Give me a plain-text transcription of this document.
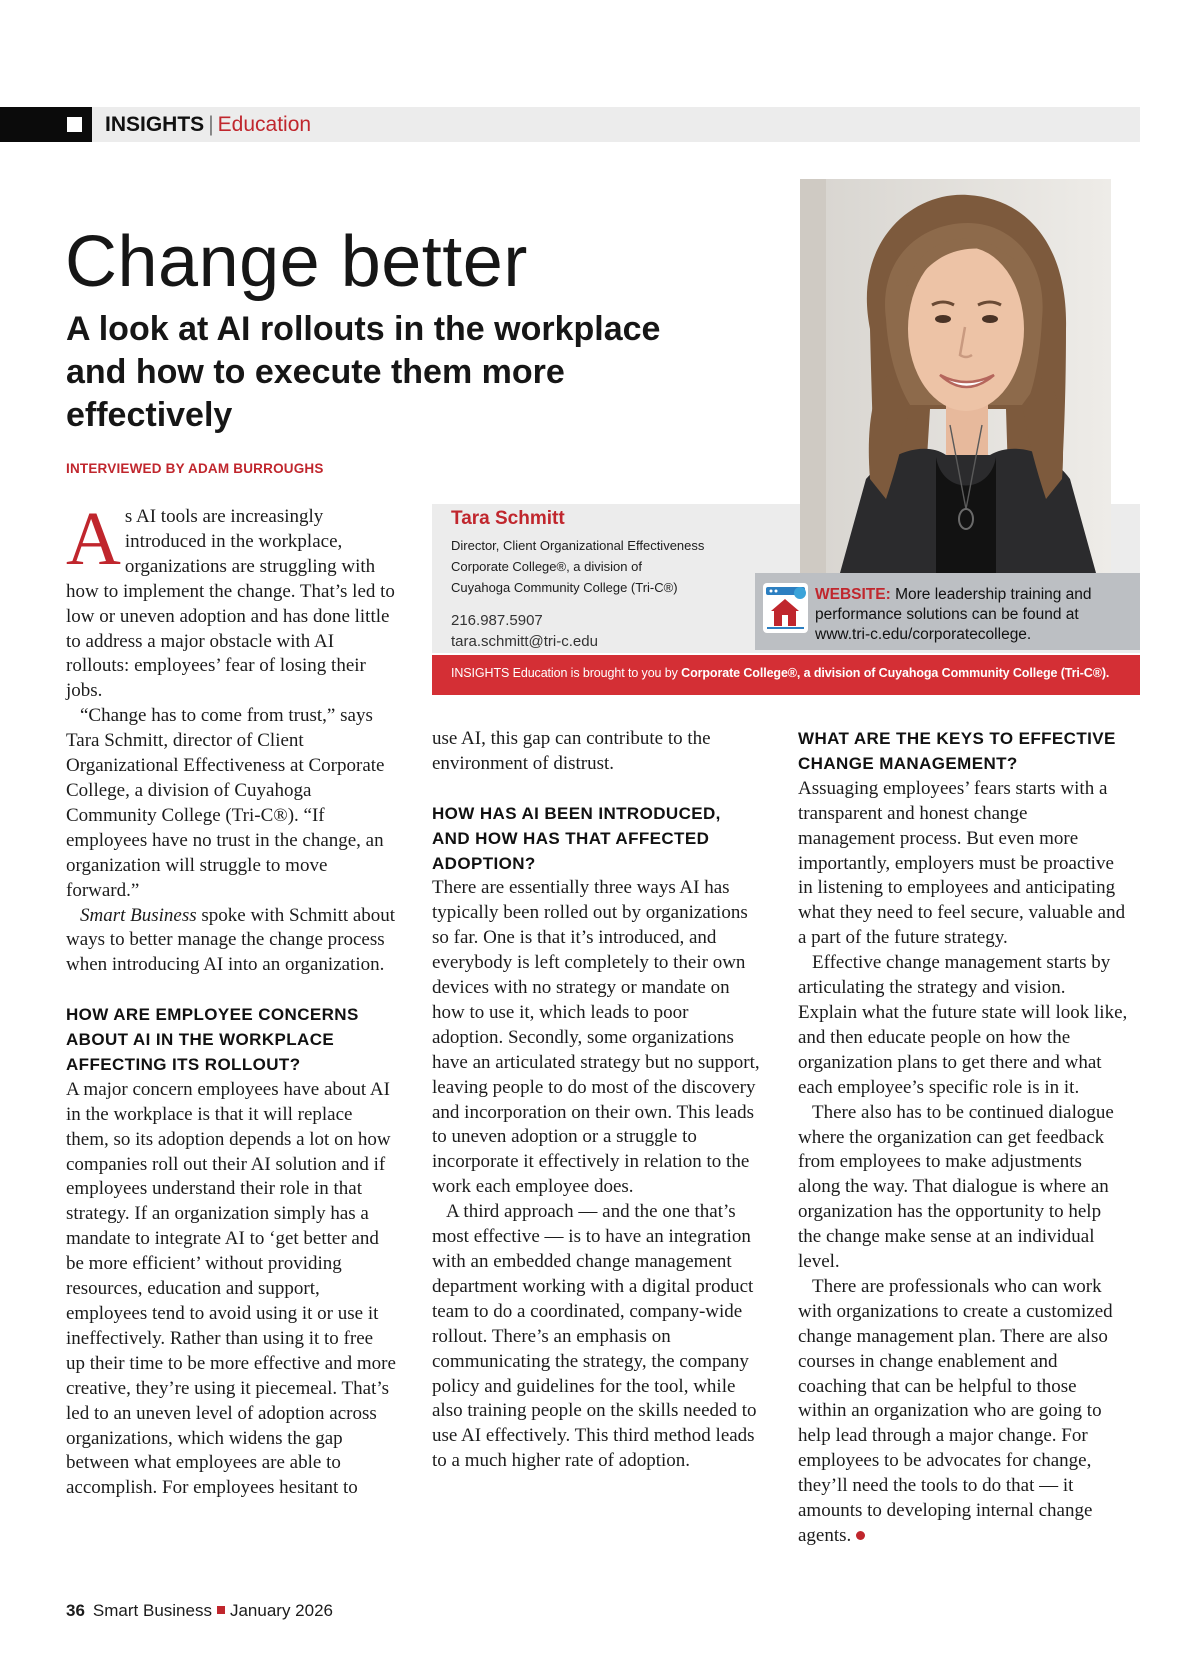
INSIGHTS | Education
Change better
A look at AI rollouts in the workplace and how to execute them more effectively
INTERVIEWED BY ADAM BURROUGHS
Tara Schmitt
Director, Client Organizational Effectiveness
Corporate College®, a division of
Cuyahoga Community College (Tri-C®)
216.987.5907
tara.schmitt@tri-c.edu
WEBSITE: More leadership training and performance solutions can be found at www.tri-c.edu/corporatecollege.
INSIGHTS Education is brought to you by Corporate College®, a division of Cuyahoga Community College (Tri-C®).

As AI tools are increasingly introduced in the workplace, organizations are struggling with how to implement the change. That’s led to low or uneven adoption and has done little to address a major obstacle with AI rollouts: employees’ fear of losing their jobs.

“Change has to come from trust,” says Tara Schmitt, director of Client Organizational Effectiveness at Corporate College, a division of Cuyahoga Community College (Tri-C®). “If employees have no trust in the change, an organization will struggle to move forward.”

Smart Business spoke with Schmitt about ways to better manage the change process when introducing AI into an organization.

HOW ARE EMPLOYEE CONCERNS ABOUT AI IN THE WORKPLACE AFFECTING ITS ROLLOUT?

A major concern employees have about AI in the workplace is that it will replace them, so its adoption depends a lot on how companies roll out their AI solution and if employees understand their role in that strategy. If an organization simply has a mandate to integrate AI to ‘get better and be more efficient’ without providing resources, education and support, employees tend to avoid using it or use it ineffectively. Rather than using it to free up their time to be more effective and more creative, they’re using it piecemeal. That’s led to an uneven level of adoption across organizations, which widens the gap between what employees are able to accomplish. For employees hesitant to

use AI, this gap can contribute to the environment of distrust.

HOW HAS AI BEEN INTRODUCED, AND HOW HAS THAT AFFECTED ADOPTION?

There are essentially three ways AI has typically been rolled out by organizations so far. One is that it’s introduced, and everybody is left completely to their own devices with no strategy or mandate on how to use it, which leads to poor adoption. Secondly, some organizations have an articulated strategy but no support, leaving people to do most of the discovery and incorporation on their own. This leads to uneven adoption or a struggle to incorporate it effectively in relation to the work each employee does.

A third approach — and the one that’s most effective — is to have an integration with an embedded change management department working with a digital product team to do a coordinated, company-wide rollout. There’s an emphasis on communicating the strategy, the company policy and guidelines for the tool, while also training people on the skills needed to use AI effectively. This third method leads to a much higher rate of adoption.

WHAT ARE THE KEYS TO EFFECTIVE CHANGE MANAGEMENT?

Assuaging employees’ fears starts with a transparent and honest change management process. But even more importantly, employers must be proactive in listening to employees and anticipating what they need to feel secure, valuable and a part of the future strategy.

Effective change management starts by articulating the strategy and vision. Explain what the future state will look like, and then educate people on how the organization plans to get there and what each employee’s specific role is in it.

There also has to be continued dialogue where the organization can get feedback from employees to make adjustments along the way. That dialogue is where an organization has the opportunity to help the change make sense at an individual level.

There are professionals who can work with organizations to create a customized change management plan. There are also courses in change enablement and coaching that can be helpful to those within an organization who are going to help lead through a major change. For employees to be advocates for change, they’ll need the tools to do that — it amounts to developing internal change agents.

36 Smart Business January 2026
